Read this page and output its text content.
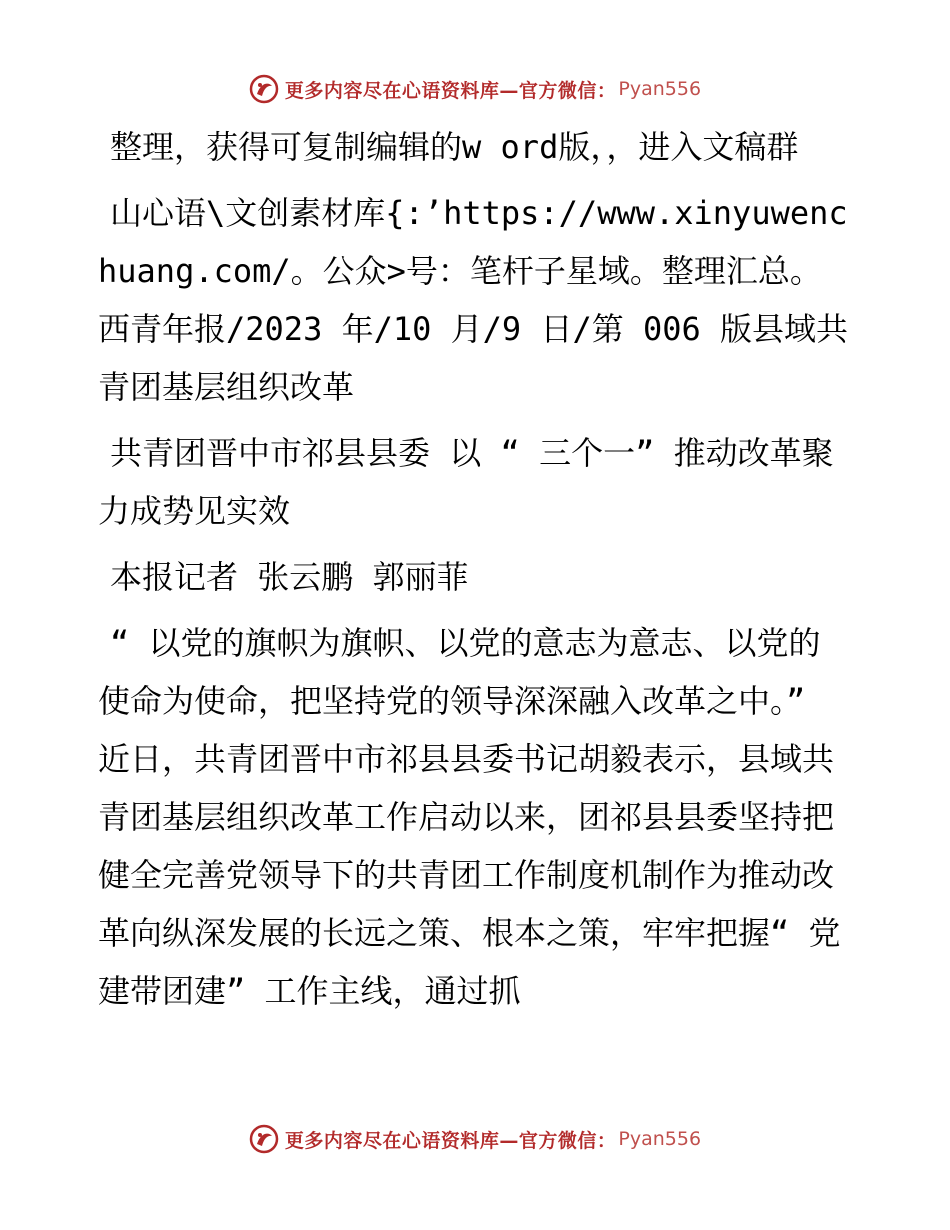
更多内容尽在心语资料库—官方微信： Pyan556

整理，获得可复制编辑的w ord版，，进入文稿群

山心语\文创素材库{:’https://www.xinyuwenchuang.com/。公众>号：笔杆子星域。整理汇总。西青年报/2023 年/10 月/9 日/第 006 版县域共青团基层组织改革

共青团晋中市祁县县委 以 “ 三个一” 推动改革聚力成势见实效

本报记者 张云鹏 郭丽菲

“ 以党的旗帜为旗帜、以党的意志为意志、以党的使命为使命，把坚持党的领导深深融入改革之中。” 近日，共青团晋中市祁县县委书记胡毅表示，县域共青团基层组织改革工作启动以来，团祁县县委坚持把健全完善党领导下的共青团工作制度机制作为推动改革向纵深发展的长远之策、根本之策，牢牢把握“ 党建带团建” 工作主线，通过抓

更多内容尽在心语资料库—官方微信： Pyan556
